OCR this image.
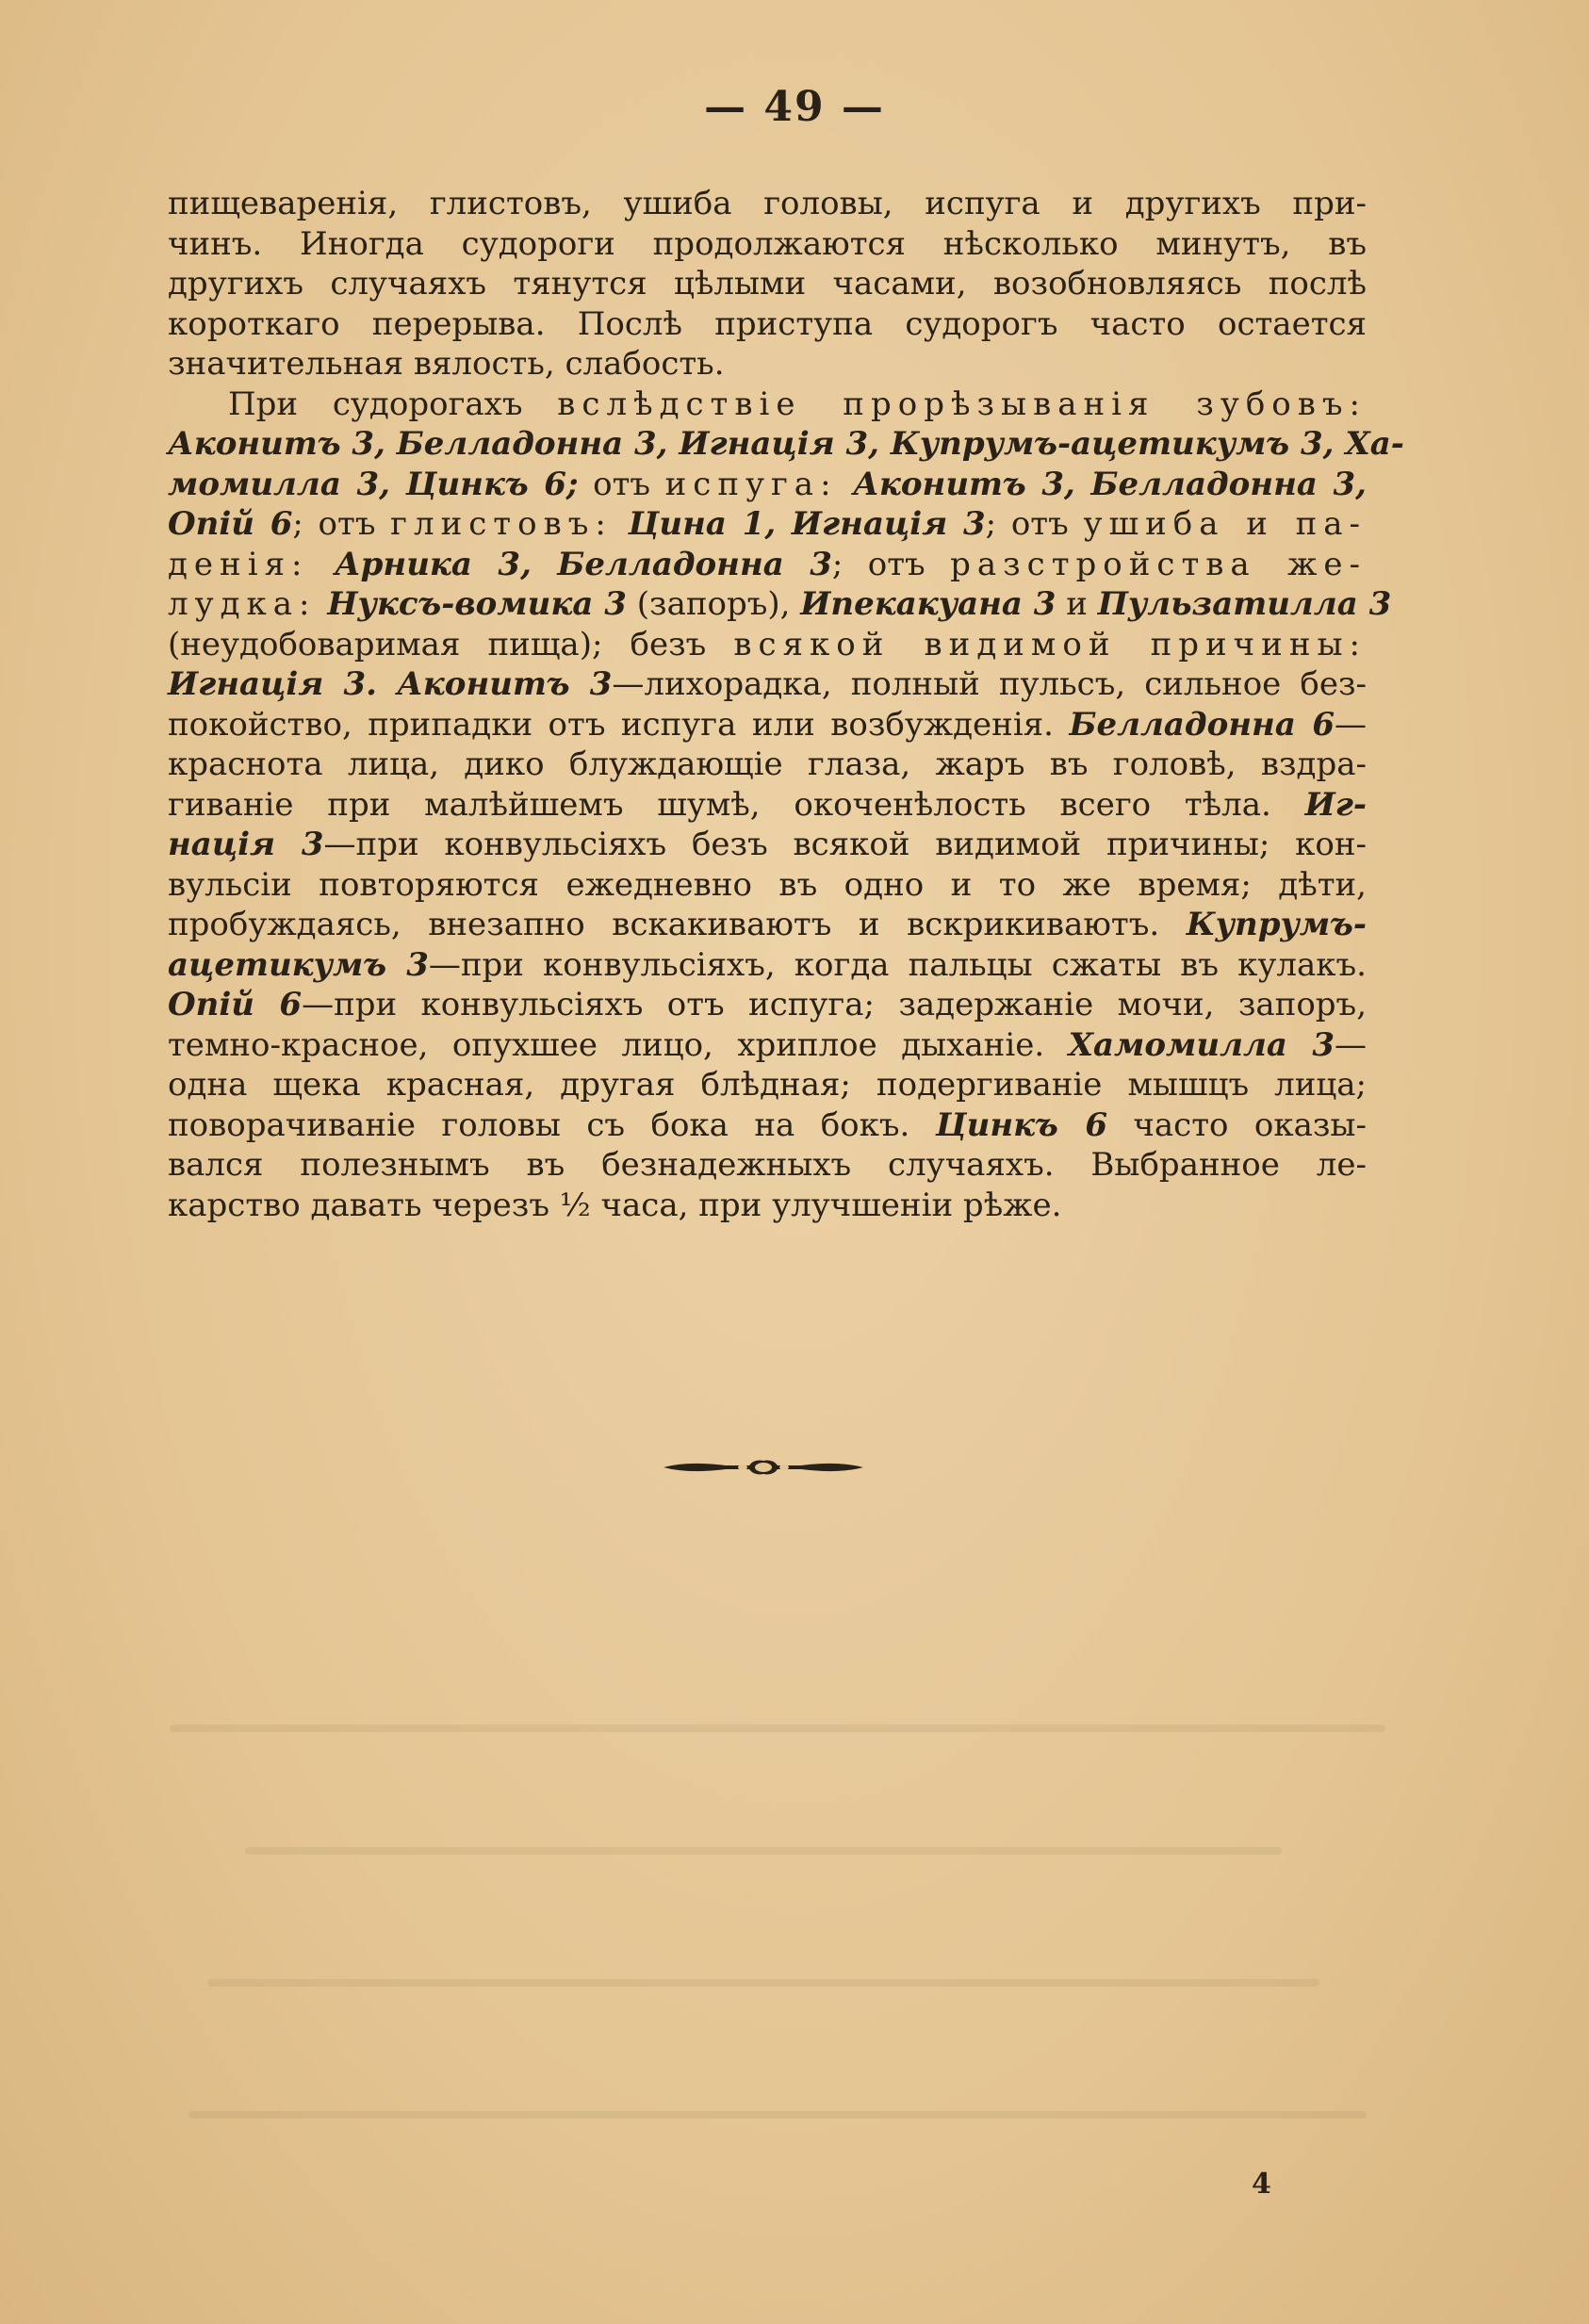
— 49 —
пищеваренія, глистовъ, ушиба головы, испуга и другихъ при-
чинъ. Иногда судороги продолжаются нѣсколько минутъ, въ
другихъ случаяхъ тянутся цѣлыми часами, возобновляясь послѣ
короткаго перерыва. Послѣ приступа судорогъ часто остается
значительная вялость, слабость.
При судорогахъ вслѣдствіе прорѣзыванія зубовъ:
Аконитъ 3, Белладонна 3, Игнація 3, Купрумъ-ацетикумъ 3, Ха-
момилла 3, Цинкъ 6; отъ испуга: Аконитъ 3, Белладонна 3,
Опій 6; отъ глистовъ: Цина 1, Игнація 3; отъ ушиба и па-
денія: Арника 3, Белладонна 3; отъ разстройства же-
лудка: Нуксъ-вомика 3 (запоръ), Ипекакуана 3 и Пульзатилла 3
(неудобоваримая пища); безъ всякой видимой причины:
Игнація 3. Аконитъ 3—лихорадка, полный пульсъ, сильное без-
покойство, припадки отъ испуга или возбужденія. Белладонна 6—
краснота лица, дико блуждающіе глаза, жаръ въ головѣ, вздра-
гиваніе при малѣйшемъ шумѣ, окоченѣлость всего тѣла. Иг-
нація 3—при конвульсіяхъ безъ всякой видимой причины; кон-
вульсіи повторяются ежедневно въ одно и то же время; дѣти,
пробуждаясь, внезапно вскакиваютъ и вскрикиваютъ. Купрумъ-
ацетикумъ 3—при конвульсіяхъ, когда пальцы сжаты въ кулакъ.
Опій 6—при конвульсіяхъ отъ испуга; задержаніе мочи, запоръ,
темно-красное, опухшее лицо, хриплое дыханіе. Хамомилла 3—
одна щека красная, другая блѣдная; подергиваніе мышцъ лица;
поворачиваніе головы съ бока на бокъ. Цинкъ 6 часто оказы-
вался полезнымъ въ безнадежныхъ случаяхъ. Выбранное ле-
карство давать черезъ ½ часа, при улучшеніи рѣже.
4
